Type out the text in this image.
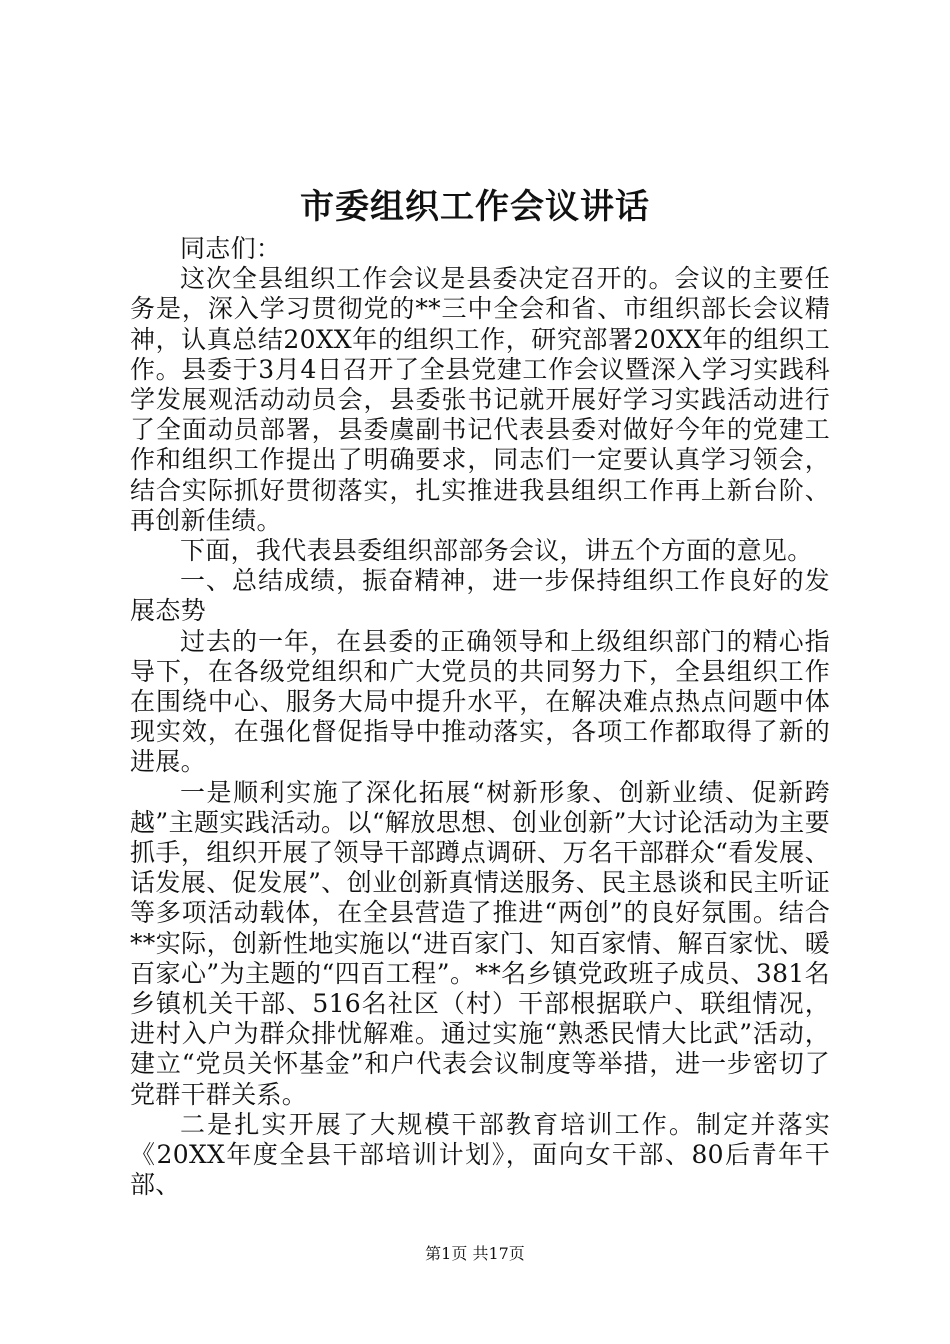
市委组织工作会议讲话

同志们：

这次全县组织工作会议是县委决定召开的。会议的主要任务是，深入学习贯彻党的**三中全会和省、市组织部长会议精神，认真总结20XX年的组织工作，研究部署20XX年的组织工作。县委于3月4日召开了全县党建工作会议暨深入学习实践科学发展观活动动员会，县委张书记就开展好学习实践活动进行了全面动员部署，县委虞副书记代表县委对做好今年的党建工作和组织工作提出了明确要求，同志们一定要认真学习领会，结合实际抓好贯彻落实，扎实推进我县组织工作再上新台阶、再创新佳绩。

下面，我代表县委组织部部务会议，讲五个方面的意见。

一、总结成绩，振奋精神，进一步保持组织工作良好的发展态势

过去的一年，在县委的正确领导和上级组织部门的精心指导下，在各级党组织和广大党员的共同努力下，全县组织工作在围绕中心、服务大局中提升水平，在解决难点热点问题中体现实效，在强化督促指导中推动落实，各项工作都取得了新的进展。

一是顺利实施了深化拓展“树新形象、创新业绩、促新跨越”主题实践活动。以“解放思想、创业创新”大讨论活动为主要抓手，组织开展了领导干部蹲点调研、万名干部群众“看发展、话发展、促发展”、创业创新真情送服务、民主恳谈和民主听证等多项活动载体，在全县营造了推进“两创”的良好氛围。结合**实际，创新性地实施以“进百家门、知百家情、解百家忧、暖百家心”为主题的“四百工程”。**名乡镇党政班子成员、381名乡镇机关干部、516名社区（村）干部根据联户、联组情况，进村入户为群众排忧解难。通过实施“熟悉民情大比武”活动，建立“党员关怀基金”和户代表会议制度等举措，进一步密切了党群干群关系。

二是扎实开展了大规模干部教育培训工作。制定并落实《20XX年度全县干部培训计划》，面向女干部、80后青年干部、

第1页 共17页
